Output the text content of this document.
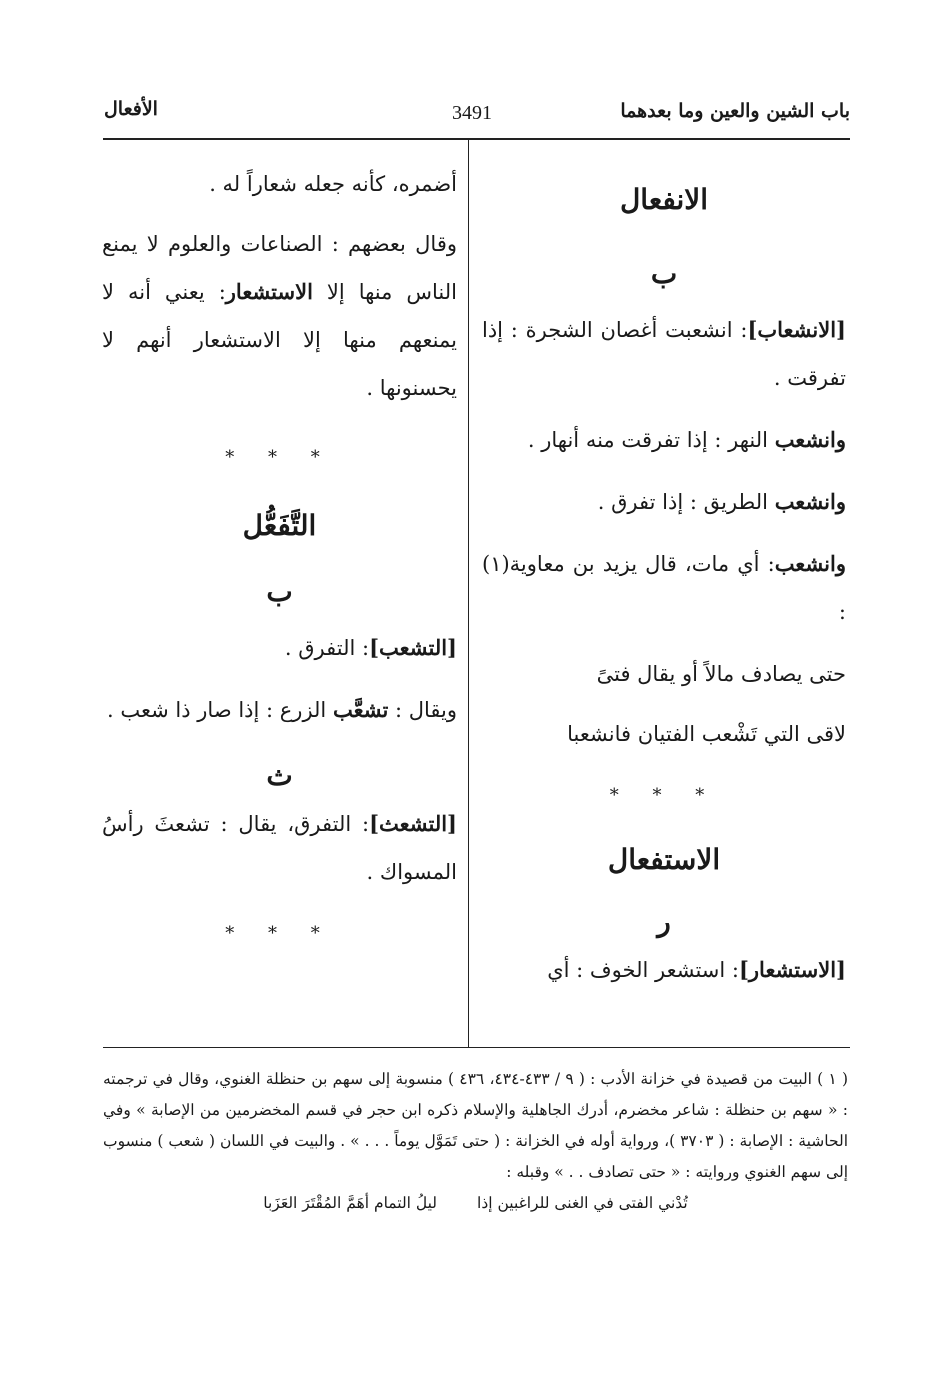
باب الشين والعين وما بعدهما
3491
الأفعال
الانفعال
ب

[الانشعاب]: انشعبت أغصان الشجرة : إذا تفرقت .

وانشعب النهر : إذا تفرقت منه أنهار .

وانشعب الطريق : إذا تفرق .

وانشعب: أي مات، قال يزيد بن معاوية(١) :

حتى يصادف مالاً أو يقال فتىً

لاقى التي تَشْعب الفتيان فانشعبا

* * *
الاستفعال
ر

[الاستشعار]: استشعر الخوف : أي

أضمره، كأنه جعله شعاراً له .

وقال بعضهم : الصناعات والعلوم لا يمنع الناس منها إلا الاستشعار: يعني أنه لا يمنعهم منها إلا الاستشعار أنهم لا يحسنونها .

* * *
التَّفَعُّل
ب

[التشعب]: التفرق .

ويقال : تشعَّب الزرع : إذا صار ذا شعب .

ث

[التشعث]: التفرق، يقال : تشعثَ رأسُ المسواك .

* * *

( ١ ) البيت من قصيدة في خزانة الأدب : ( ٩ / ٤٣٣-٤٣٤، ٤٣٦ ) منسوبة إلى سهم بن حنظلة الغنوي، وقال في ترجمته : « سهم بن حنظلة : شاعر مخضرم، أدرك الجاهلية والإسلام ذكره ابن حجر في قسم المخضرمين من الإصابة » وفي الحاشية : الإصابة : ( ٣٧٠٣ )، ورواية أوله في الخزانة : ( حتى تَمَوَّل يوماً . . . » . والبيت في اللسان ( شعب ) منسوب إلى سهم الغنوي وروايته : « حتى تصادف . . » وقبله :

تُدْني الفتى في الغنى للراغبين إذا
ليلُ التمام أهَمَّ المُقْتَرَ العَزَبا
